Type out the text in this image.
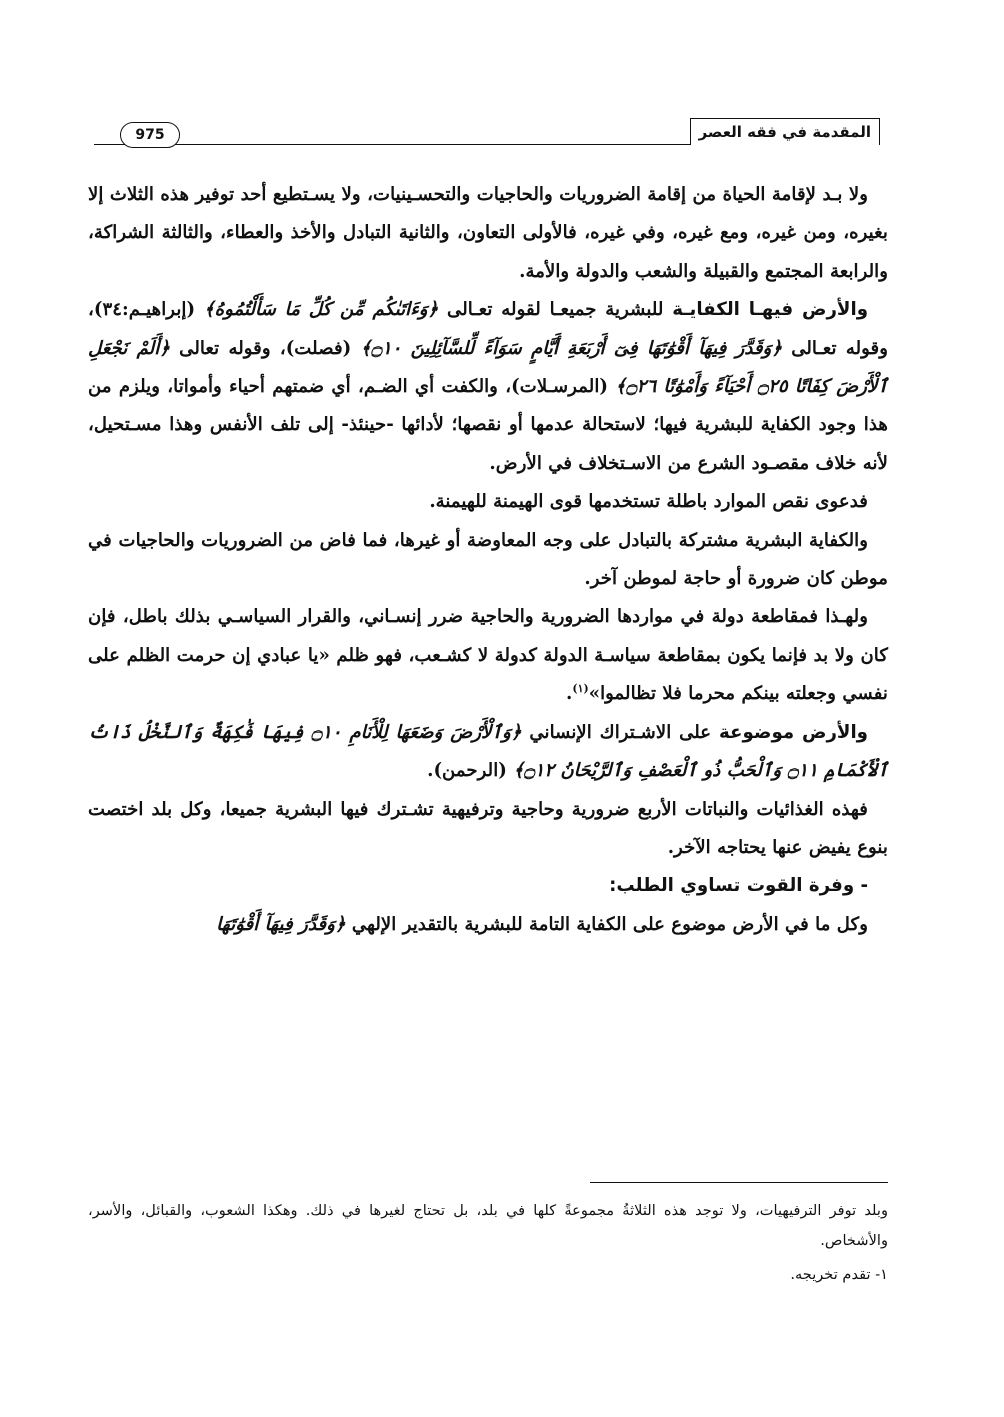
المقدمة في فقه العصر
975

ولا بـد لإقامة الحياة من إقامة الضروريات والحاجيات والتحسـينيات، ولا يسـتطيع أحد توفير هذه الثلاث إلا بغيره، ومن غيره، ومع غيره، وفي غيره، فالأولى التعاون، والثانية التبادل والأخذ والعطاء، والثالثة الشراكة، والرابعة المجتمع والقبيلة والشعب والدولة والأمة.

والأرض فيهـا الكفايـة للبشرية جميعـا لقوله تعـالى ﴿وَءَاتَىٰكُم مِّن كُلِّ مَا سَأَلْتُمُوهُ﴾ (إبراهيـم:٣٤)، وقوله تعـالى ﴿وَقَدَّرَ فِيهَآ أَقْوَٰتَهَا فِىٓ أَرْبَعَةِ أَيَّامٍ سَوَآءً لِّلسَّآئِلِينَ ۝١٠﴾ (فصلت)، وقوله تعالى ﴿أَلَمْ نَجْعَلِ ٱلْأَرْضَ كِفَاتًا ۝٢٥ أَحْيَآءً وَأَمْوَٰتًا ۝٢٦﴾ (المرسـلات)، والكفت أي الضـم، أي ضمتهم أحياء وأمواتا، ويلزم من هذا وجود الكفاية للبشرية فيها؛ لاستحالة عدمها أو نقصها؛ لأدائها -حينئذ- إلى تلف الأنفس وهذا مسـتحيل، لأنه خلاف مقصـود الشرع من الاسـتخلاف في الأرض.

فدعوى نقص الموارد باطلة تستخدمها قوى الهيمنة للهيمنة.

والكفاية البشرية مشتركة بالتبادل على وجه المعاوضة أو غيرها، فما فاض من الضروريات والحاجيات في موطن كان ضرورة أو حاجة لموطن آخر.

ولهـذا فمقاطعة دولة في مواردها الضرورية والحاجية ضرر إنسـاني، والقرار السياسـي بذلك باطل، فإن كان ولا بد فإنما يكون بمقاطعة سياسـة الدولة كدولة لا كشـعب، فهو ظلم «يا عبادي إن حرمت الظلم على نفسي وجعلته بينكم محرما فلا تظالموا»$^{(١)}$.

والأرض موضوعة على الاشـتراك الإنساني ﴿وَٱلْأَرْضَ وَضَعَهَا لِلْأَنَامِ ۝١٠ فِيهَا فَٰكِهَةٌ وَٱلنَّخْلُ ذَاتُ ٱلْأَكْمَامِ ۝١١ وَٱلْحَبُّ ذُو ٱلْعَصْفِ وَٱلرَّيْحَانُ ۝١٢﴾ (الرحمن).

فهذه الغذائيات والنباتات الأربع ضرورية وحاجية وترفيهية تشـترك فيها البشرية جميعا، وكل بلد اختصت بنوع يفيض عنها يحتاجه الآخر.

- وفرة القوت تساوي الطلب:

وكل ما في الأرض موضوع على الكفاية التامة للبشرية بالتقدير الإلهي ﴿وَقَدَّرَ فِيهَآ أَقْوَٰتَهَا

وبلد توفر الترفيهيات، ولا توجد هذه الثلاثةُ مجموعةً كلها في بلد، بل تحتاج لغيرها في ذلك. وهكذا الشعوب، والقبائل، والأسر، والأشخاص.

١- تقدم تخريجه.
